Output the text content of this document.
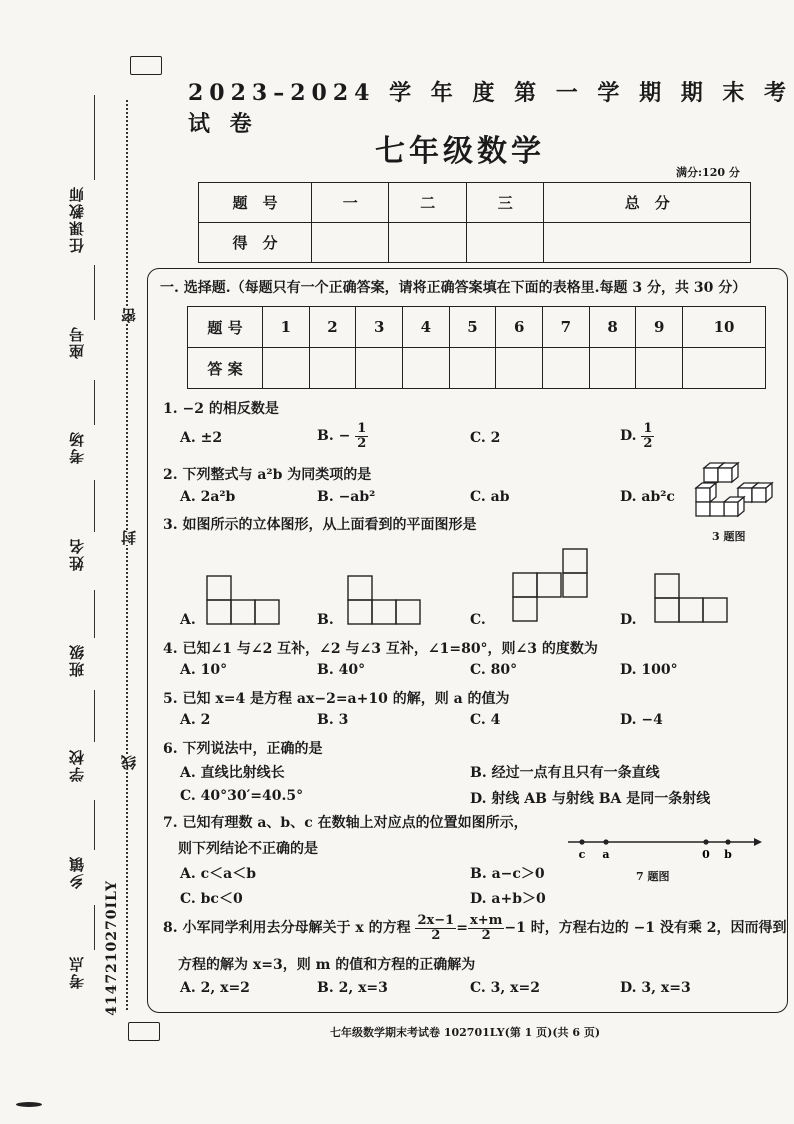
任课教师
座号
考场
姓名
班级
学校
乡镇
考点 4147210270ILY
密
封
线
2023–2024 学 年 度 第 一 学 期 期 末 考 试 卷
七年级数学
满分:120 分
题　号	一	二	三	总　分
得　分				
一. 选择题.（每题只有一个正确答案，请将正确答案填在下面的表格里.每题 3 分，共 30 分）
题 号	1	2	3	4	5	6	7	8	9	10
答 案										
1. −2 的相反数是
A. ±2	B. − $\frac{1}{2}$	C. 2	D. $\frac{1}{2}$
2. 下列整式与 a²b 为同类项的是
A. 2a²b	B. −ab²	C. ab	D. ab²c
3 题图
3. 如图所示的立体图形，从上面看到的平面图形是
A.	B.	C.	D.
4. 已知∠1 与∠2 互补，∠2 与∠3 互补，∠1=80°，则∠3 的度数为
A. 10°	B. 40°	C. 80°	D. 100°
5. 已知 x=4 是方程 ax−2=a+10 的解，则 a 的值为
A. 2	B. 3	C. 4	D. −4
6. 下列说法中，正确的是
A. 直线比射线长	B. 经过一点有且只有一条直线
C. 40°30′=40.5°	D. 射线 AB 与射线 BA 是同一条射线
7. 已知有理数 a、b、c 在数轴上对应点的位置如图所示，
则下列结论不正确的是	c a	0 b
7 题图
A. c＜a＜b	B. a−c＞0
C. bc＜0	D. a+b＞0
8. 小军同学利用去分母解关于 x 的方程 $\frac{2x-1}{2} = \frac{x+m}{2} -1$ 时，方程右边的 −1 没有乘 2，因而得到
方程的解为 x=3，则 m 的值和方程的正确解为
A. 2, x=2	B. 2, x=3	C. 3, x=2	D. 3, x=3
七年级数学期末考试卷 102701LY(第 1 页)(共 6 页)
